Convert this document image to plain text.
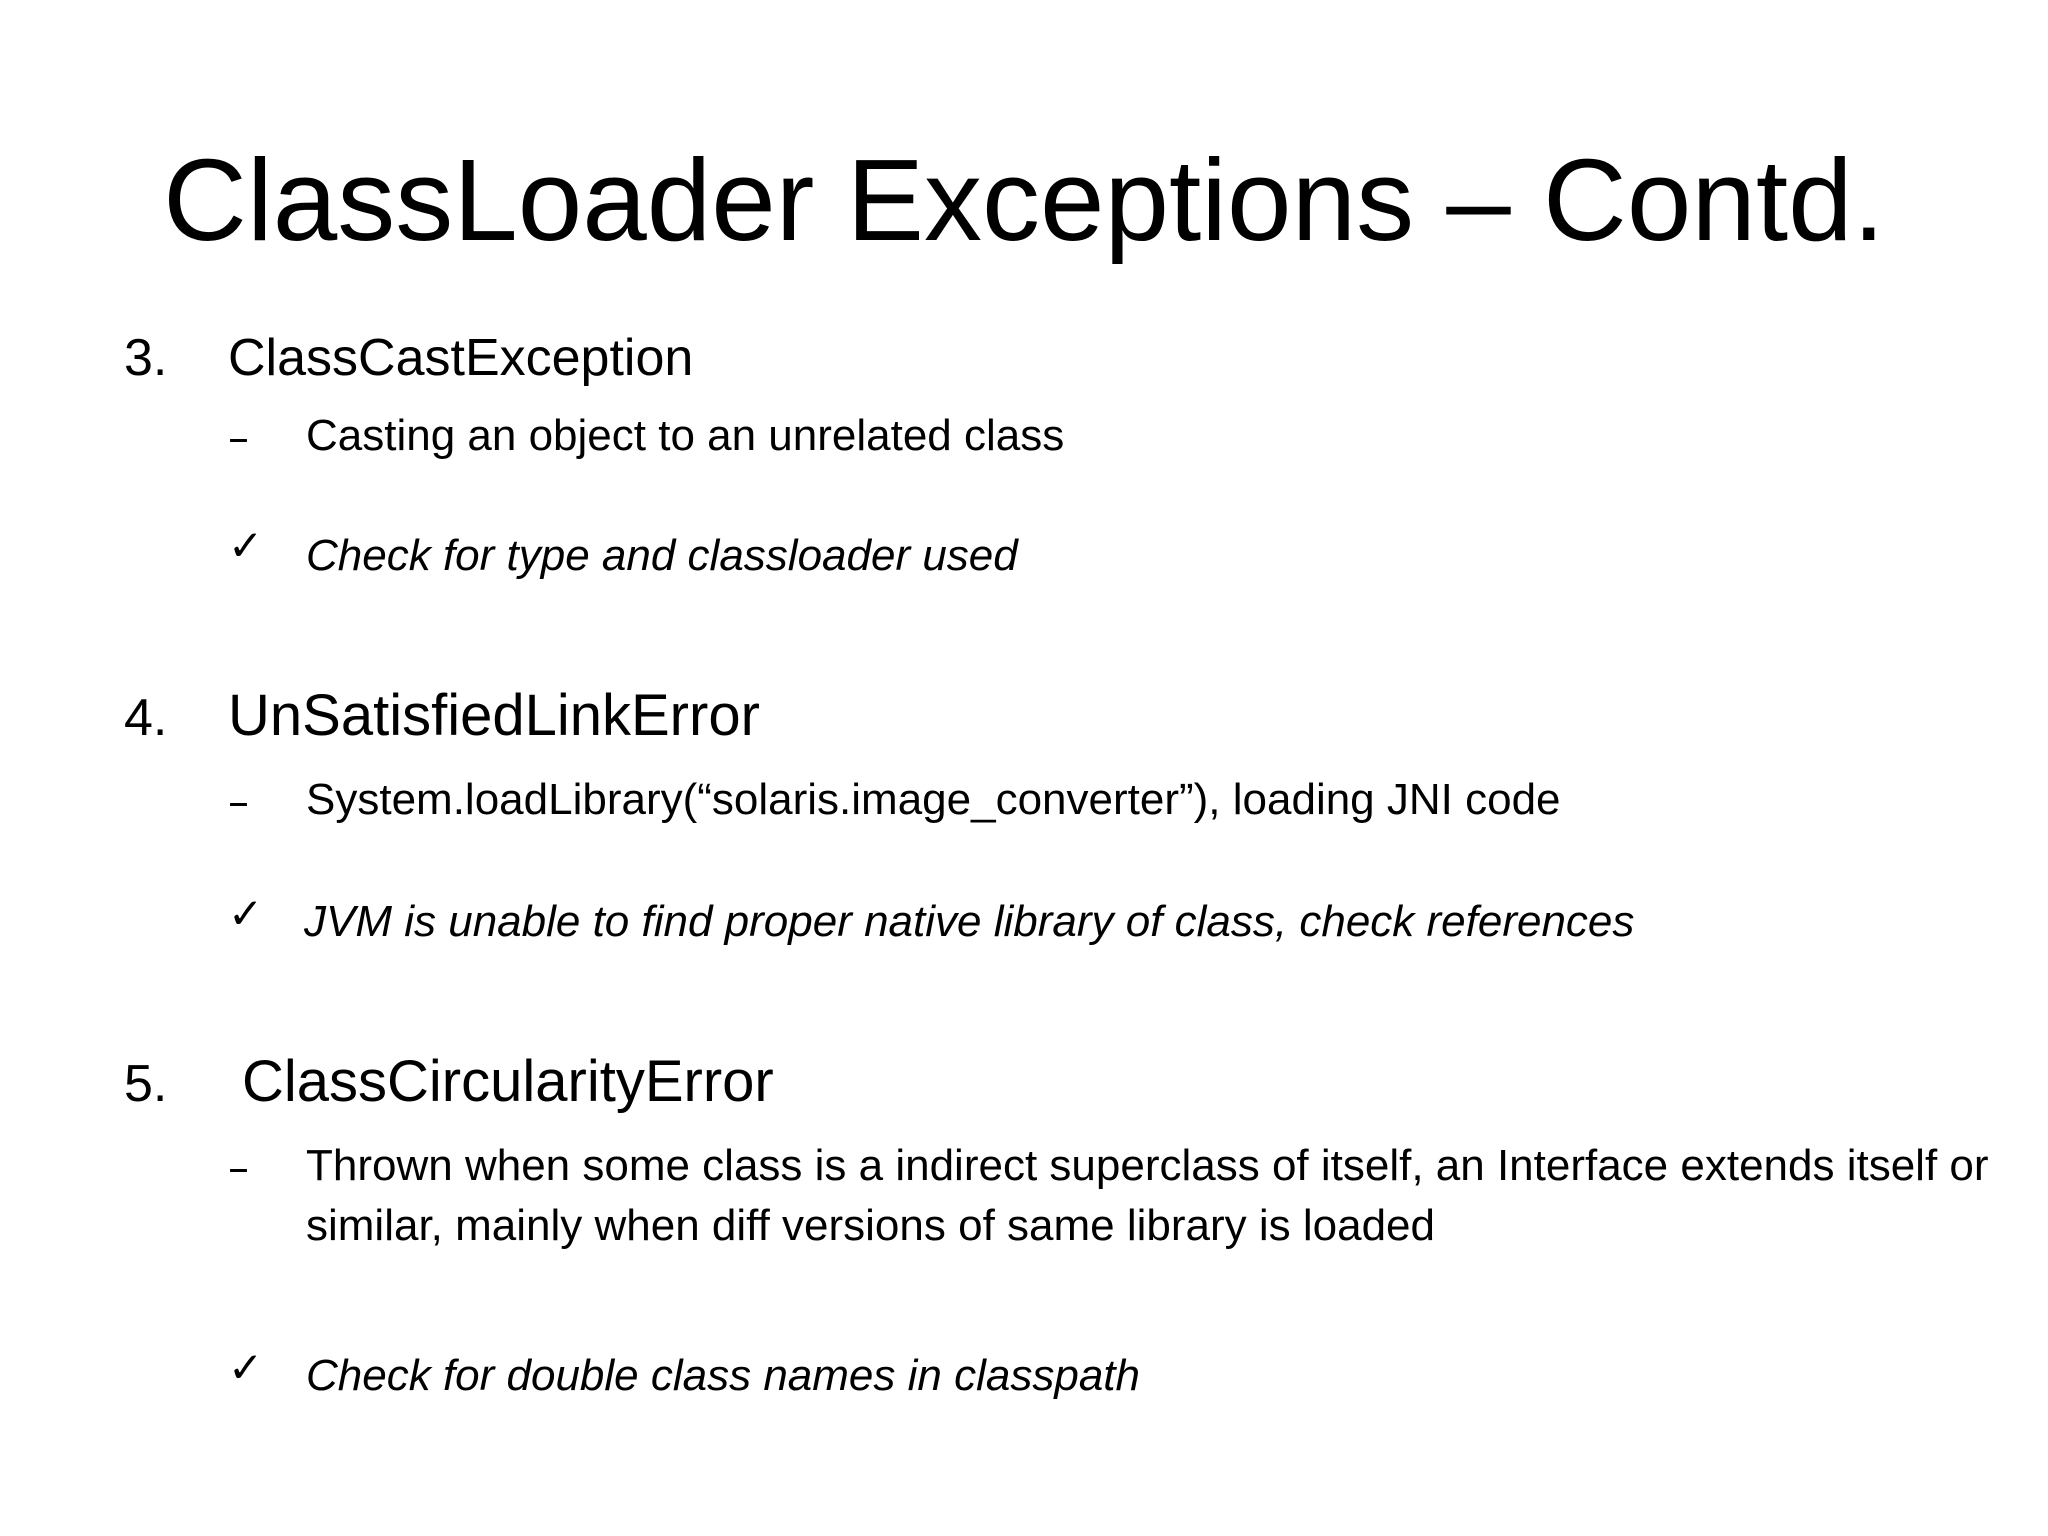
ClassLoader Exceptions – Contd.
3. ClassCastException
– Casting an object to an unrelated class
✓ Check for type and classloader used
4. UnSatisfiedLinkError
– System.loadLibrary(“solaris.image_converter”), loading JNI code
✓ JVM is unable to find proper native library of class, check references
5. ClassCircularityError
– Thrown when some class is a indirect superclass of itself, an Interface extends itself or similar, mainly when diff versions of same library is loaded
✓ Check for double class names in classpath
